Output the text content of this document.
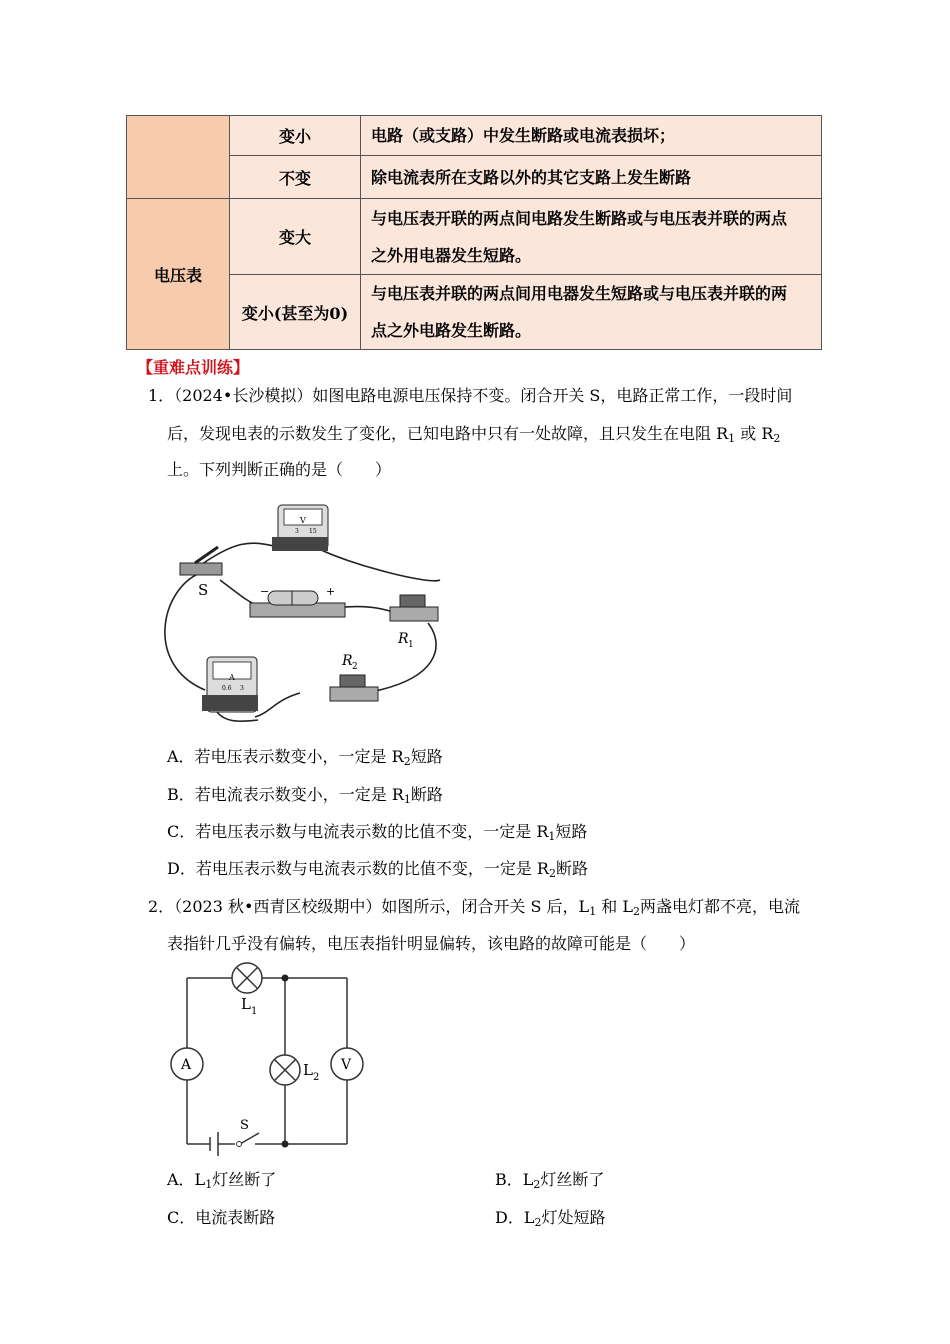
	变小	电路（或支路）中发生断路或电流表损坏；
	不变	除电流表所在支路以外的其它支路上发生断路
电压表	变大	与电压表开联的两点间电路发生断路或与电压表并联的两点
之外用电器发生短路。

	变小(甚至为0)	与电压表并联的两点间用电器发生短路或与电压表并联的两
点之外电路发生断路。
【重难点训练】
1．（2024•长沙模拟）如图电路电源电压保持不变。闭合开关 S，电路正常工作，一段时间
后，发现电表的示数发生了变化，已知电路中只有一处故障，且只发生在电阻 $R_1$ 或 $R_2$
上。下列判断正确的是（　　）
V
3 15
S	−	+
R 1
R 2
A
0.6 3
A．若电压表示数变小，一定是 $R_2$短路
B．若电流表示数变小，一定是 $R_1$断路
C．若电压表示数与电流表示数的比值不变，一定是 $R_1$短路
D．若电压表示数与电流表示数的比值不变，一定是 $R_2$断路
2．（2023 秋•西青区校级期中）如图所示，闭合开关 S 后，$L_1$ 和 $L_2$两盏电灯都不亮，电流
表指针几乎没有偏转，电压表指针明显偏转，该电路的故障可能是（　　）
A	V
L 1
L 2
S
A．$L_1$灯丝断了	B．$L_2$灯丝断了
C．电流表断路	D．$L_2$灯处短路
